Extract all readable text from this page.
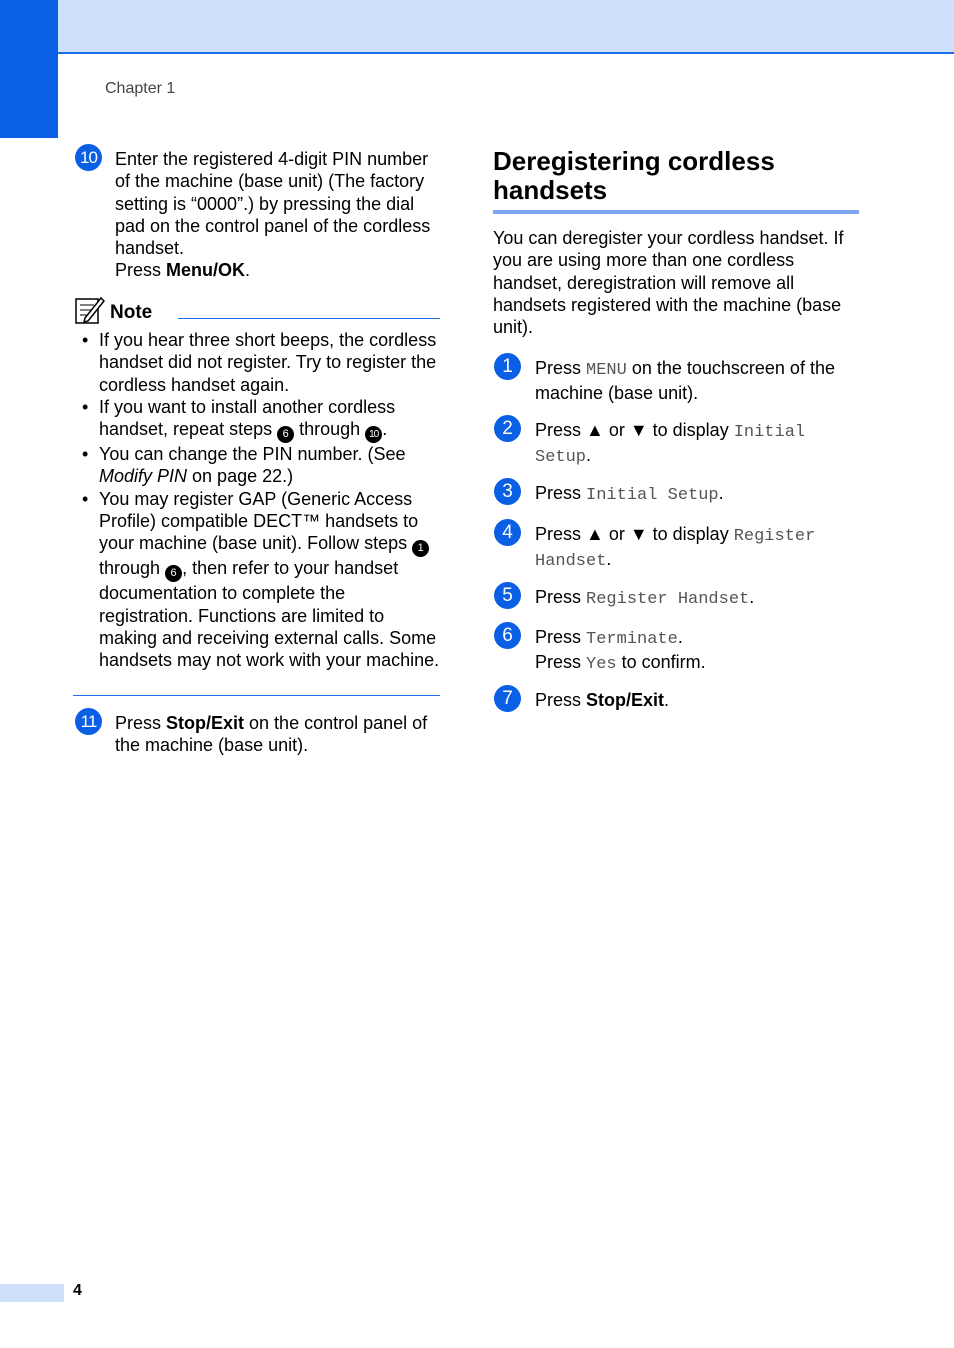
Chapter 1
10 Enter the registered 4-digit PIN number of the machine (base unit) (The factory setting is “0000”.) by pressing the dial pad on the control panel of the cordless handset.
Press Menu/OK.
Note
• If you hear three short beeps, the cordless handset did not register. Try to register the cordless handset again.
• If you want to install another cordless handset, repeat steps 6 through 10 .
• You can change the PIN number. (See Modify PIN on page 22.)
• You may register GAP (Generic Access Profile) compatible DECT™ handsets to your machine (base unit). Follow steps 1 through 6 , then refer to your handset documentation to complete the registration. Functions are limited to making and receiving external calls. Some handsets may not work with your machine.
11	Press Stop/Exit on the control panel of the machine (base unit).
Deregistering cordless
handsets
You can deregister your cordless handset. If you are using more than one cordless handset, deregistration will remove all handsets registered with the machine (base unit).
1	Press MENU on the touchscreen of the machine (base unit).
2	Press ▲ or ▼ to display Initial
Setup.
3	Press Initial Setup.
4	Press ▲ or ▼ to display Register
Handset.
5	Press Register Handset.
6	Press Terminate.
Press Yes to confirm.
7	Press Stop/Exit.
4
